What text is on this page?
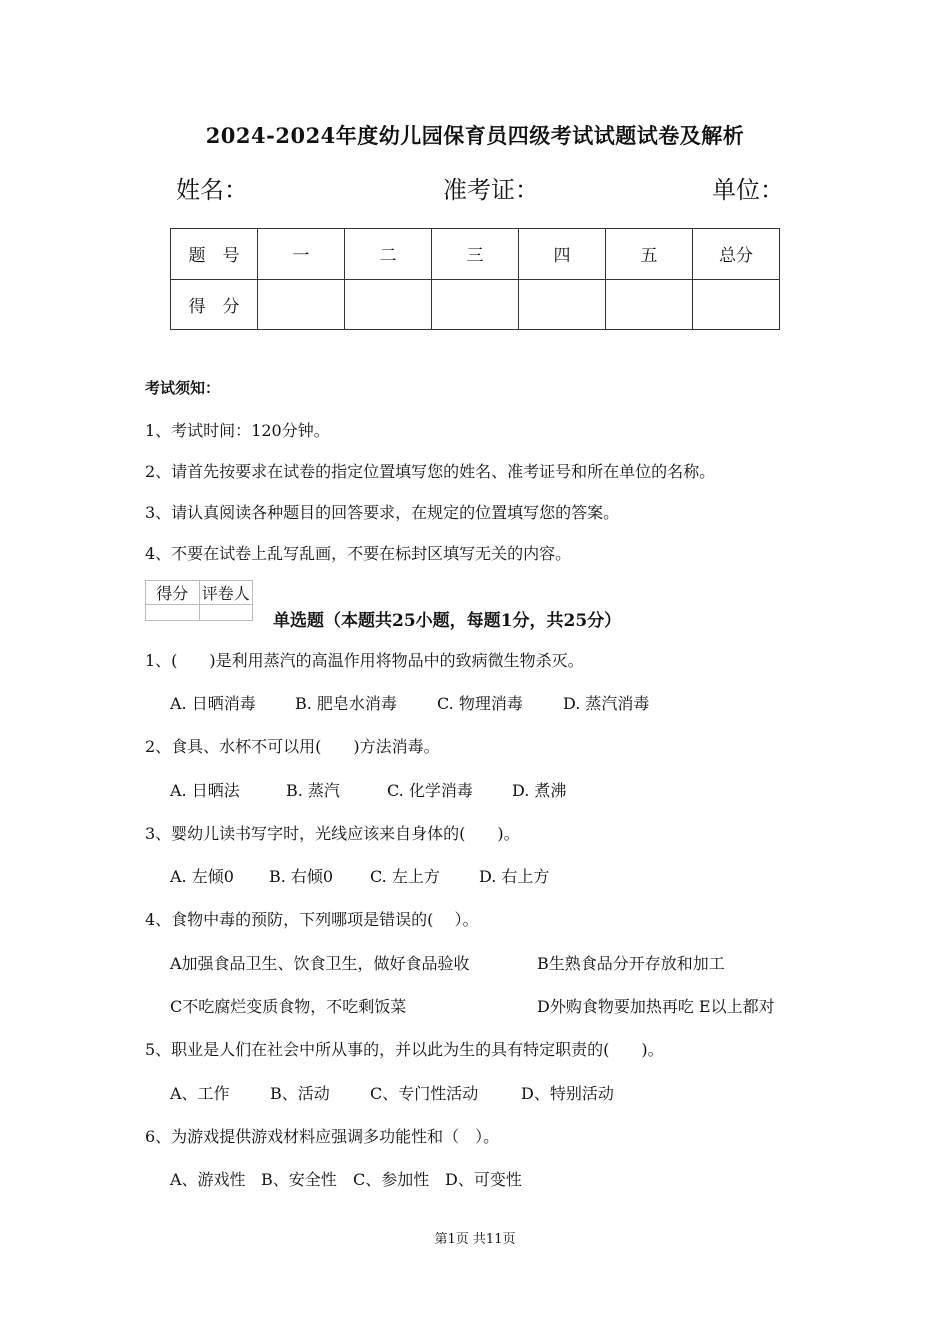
2024-2024年度幼儿园保育员四级考试试题试卷及解析
姓名：	准考证：	单位：
题　号	一	二	三	四	五	总分
得　分						
考试须知：
1、考试时间：120分钟。
2、请首先按要求在试卷的指定位置填写您的姓名、准考证号和所在单位的名称。
3、请认真阅读各种题目的回答要求，在规定的位置填写您的答案。
4、不要在试卷上乱写乱画，不要在标封区填写无关的内容。
得分	评卷人

单选题（本题共25小题，每题1分，共25分）
1、(　　)是利用蒸汽的高温作用将物品中的致病微生物杀灭。
A. 日晒消毒 B. 肥皂水消毒	C. 物理消毒	D. 蒸汽消毒
2、食具、水杯不可以用(　　)方法消毒。
A. 日晒法	B. 蒸汽	C. 化学消毒 D. 煮沸
3、婴幼儿读书写字时，光线应该来自身体的(　　)。
A. 左倾0 B. 右倾0 C. 左上方 D. 右上方
4、食物中毒的预防，下列哪项是错误的(　 ）。
A加强食品卫生、饮食卫生，做好食品验收	B生熟食品分开存放和加工
C不吃腐烂变质食物，不吃剩饭菜	D外购食物要加热再吃 E以上都对
5、职业是人们在社会中所从事的，并以此为生的具有特定职责的(　　)。
A、工作	B、活动	C、专门性活动	D、特别活动
6、为游戏提供游戏材料应强调多功能性和（　）。
A、游戏性 B、安全性 C、参加性 D、可变性
第1页 共11页
